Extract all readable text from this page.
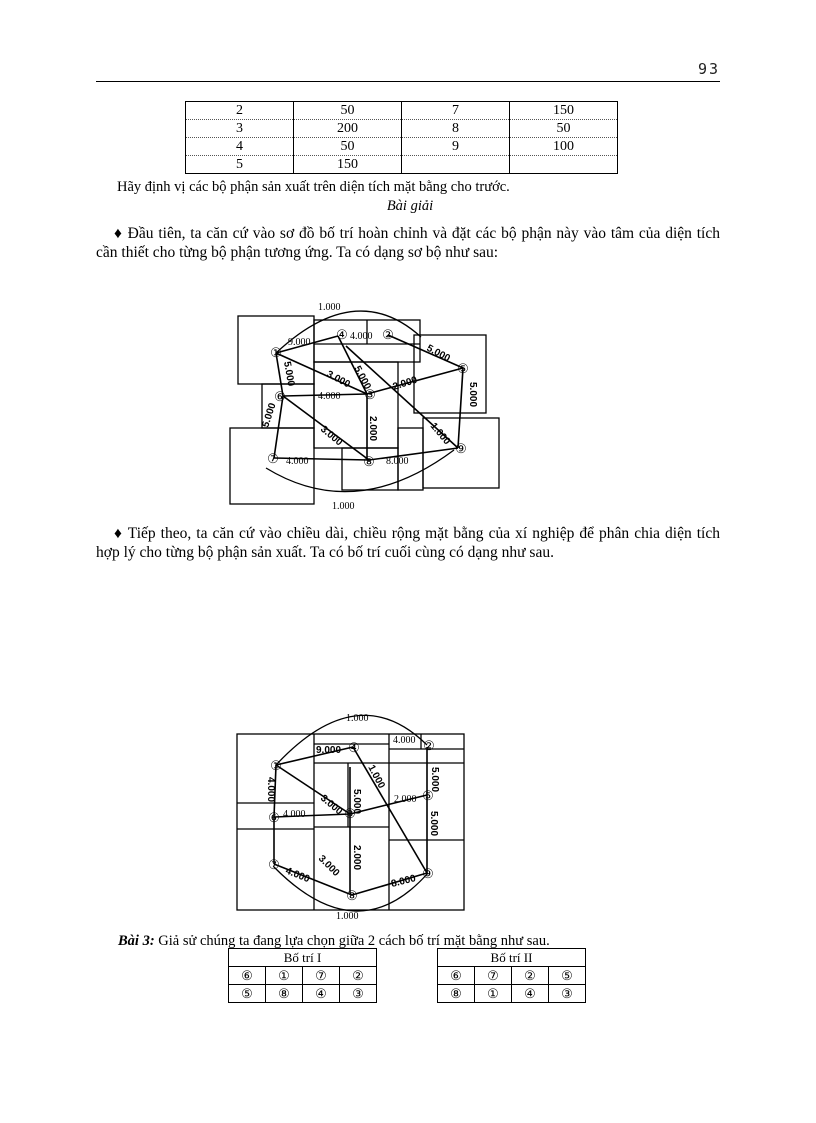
93
2	50	7	150
3	200	8	50
4	50	9	100
5	150		
Hãy định vị các bộ phận sản xuất trên diện tích mặt bằng cho trước.
Bài giải
♦ Đầu tiên, ta căn cứ vào sơ đồ bố trí hoàn chỉnh và đặt các bộ phận này vào tâm của diện tích cần thiết cho từng bộ phận tương ứng. Ta có dạng sơ bộ như sau:
①
④	②
⑤
③
⑥
⑦	⑧
⑨
1.000
9.000
4.000
4.000
4.000	8.000
1.000
5.000
3.000 5.000 2.000	5.000
5.000
3.000 2.000	1.000
5.000
♦ Tiếp theo, ta căn cứ vào chiều dài, chiều rộng mặt bằng của xí nghiệp để phân chia diện tích hợp lý cho từng bộ phận sản xuất. Ta có bố trí cuối cùng có dạng như sau.
①
④	②
⑤
③
⑥
⑦
⑧
⑨
1.000
4.000
2.000
4.000
1.000
9.000
1.000	5.000
4.000
3.000 5.000
5.000
2.000
3.000
4.000	8.000
Bài 3: Giả sử chúng ta đang lựa chọn giữa 2 cách bố trí mặt bằng như sau.
Bố trí I			
⑥	①	⑦	②
⑤	⑧	④	③
Bố trí II			
⑥	⑦	②	⑤
⑧	①	④	③
